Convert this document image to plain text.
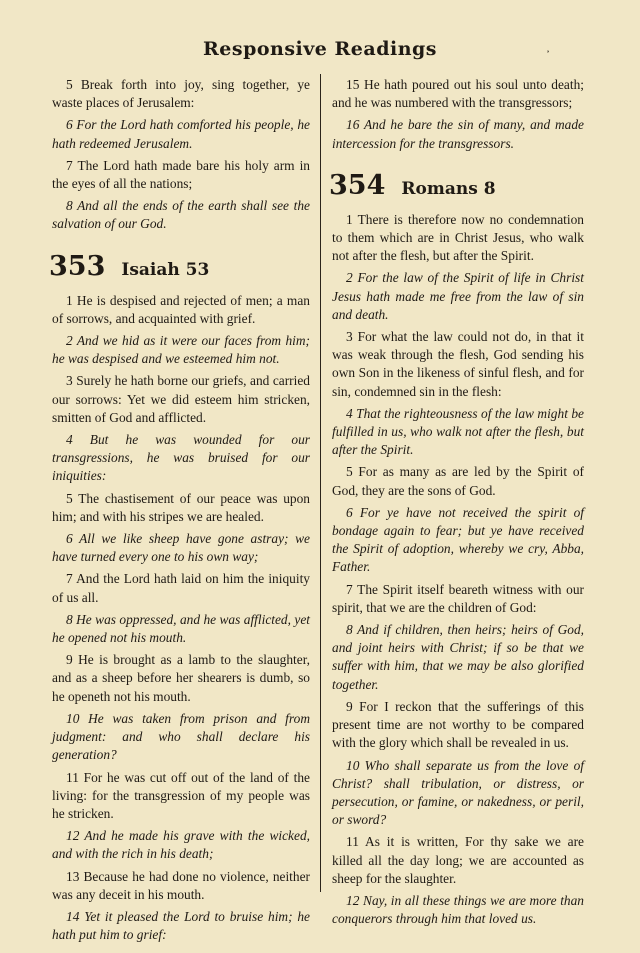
Responsive Readings

5 Break forth into joy, sing together, ye waste places of Jerusalem:

6 For the Lord hath comforted his people, he hath redeemed Jerusalem.

7 The Lord hath made bare his holy arm in the eyes of all the nations;

8 And all the ends of the earth shall see the salvation of our God.

353 Isaiah 53

1 He is despised and rejected of men; a man of sorrows, and acquainted with grief.

2 And we hid as it were our faces from him; he was despised and we esteemed him not.

3 Surely he hath borne our griefs, and carried our sorrows: Yet we did esteem him stricken, smitten of God and afflicted.

4 But he was wounded for our transgressions, he was bruised for our iniquities:

5 The chastisement of our peace was upon him; and with his stripes we are healed.

6 All we like sheep have gone astray; we have turned every one to his own way;

7 And the Lord hath laid on him the iniquity of us all.

8 He was oppressed, and he was afflicted, yet he opened not his mouth.

9 He is brought as a lamb to the slaughter, and as a sheep before her shearers is dumb, so he openeth not his mouth.

10 He was taken from prison and from judgment: and who shall declare his generation?

11 For he was cut off out of the land of the living: for the transgression of my people was he stricken.

12 And he made his grave with the wicked, and with the rich in his death;

13 Because he had done no violence, neither was any deceit in his mouth.

14 Yet it pleased the Lord to bruise him; he hath put him to grief:

15 He hath poured out his soul unto death; and he was numbered with the transgressors;

16 And he bare the sin of many, and made intercession for the transgressors.

354 Romans 8

1 There is therefore now no condemnation to them which are in Christ Jesus, who walk not after the flesh, but after the Spirit.

2 For the law of the Spirit of life in Christ Jesus hath made me free from the law of sin and death.

3 For what the law could not do, in that it was weak through the flesh, God sending his own Son in the likeness of sinful flesh, and for sin, condemned sin in the flesh:

4 That the righteousness of the law might be fulfilled in us, who walk not after the flesh, but after the Spirit.

5 For as many as are led by the Spirit of God, they are the sons of God.

6 For ye have not received the spirit of bondage again to fear; but ye have received the Spirit of adoption, whereby we cry, Abba, Father.

7 The Spirit itself beareth witness with our spirit, that we are the children of God:

8 And if children, then heirs; heirs of God, and joint heirs with Christ; if so be that we suffer with him, that we may be also glorified together.

9 For I reckon that the sufferings of this present time are not worthy to be compared with the glory which shall be revealed in us.

10 Who shall separate us from the love of Christ? shall tribulation, or distress, or persecution, or famine, or nakedness, or peril, or sword?

11 As it is written, For thy sake we are killed all the day long; we are accounted as sheep for the slaughter.

12 Nay, in all these things we are more than conquerors through him that loved us.
